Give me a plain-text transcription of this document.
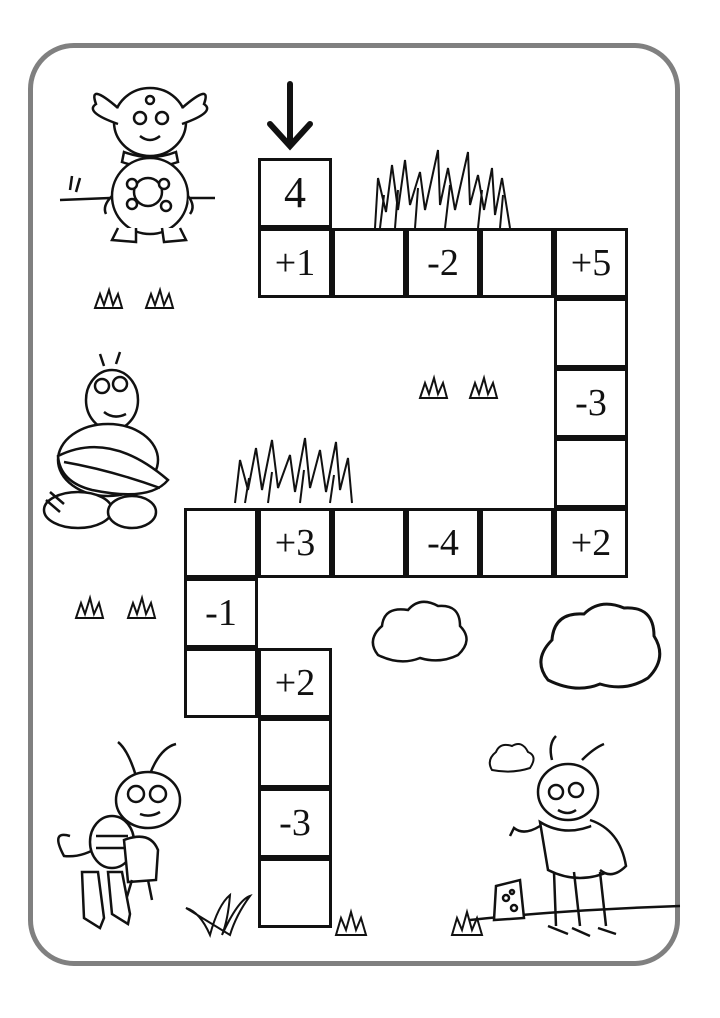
4
+1	-2	+5
-3
+2
-4
+3
-1
+2
-3
